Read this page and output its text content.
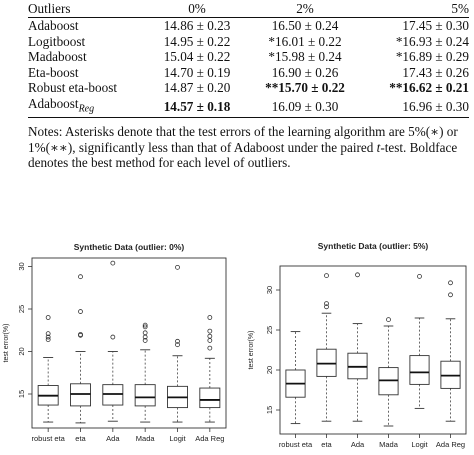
Outliers	0%	2%	5%
Adaboost	14.86 ± 0.23	16.50 ± 0.24	17.45 ± 0.30
Logitboost	14.95 ± 0.22	*16.01 ± 0.22	*16.93 ± 0.24
Madaboost	15.04 ± 0.22	*15.98 ± 0.24	*16.89 ± 0.29
Eta-boost	14.70 ± 0.19	16.90 ± 0.26	17.43 ± 0.26
Robust eta-boost	14.87 ± 0.20	**15.70 ± 0.22	**16.62 ± 0.21
Adaboost$_{Reg}$	14.57 ± 0.18	16.09 ± 0.30	16.96 ± 0.30
Notes: Asterisks denote that the test errors of the learning algorithm are 5%(∗) or 1%(∗∗), significantly less than that of Adaboost under the paired t-test. Boldface denotes the best method for each level of outliers.
Synthetic Data (outlier: 0%)
test error(%)
15
20
25
30
robust eta eta	Ada Mada Logit Ada Reg
Synthetic Data (outlier: 5%)
test error(%)
15
20
25
30
robust eta eta	Ada Mada Logit Ada Reg
